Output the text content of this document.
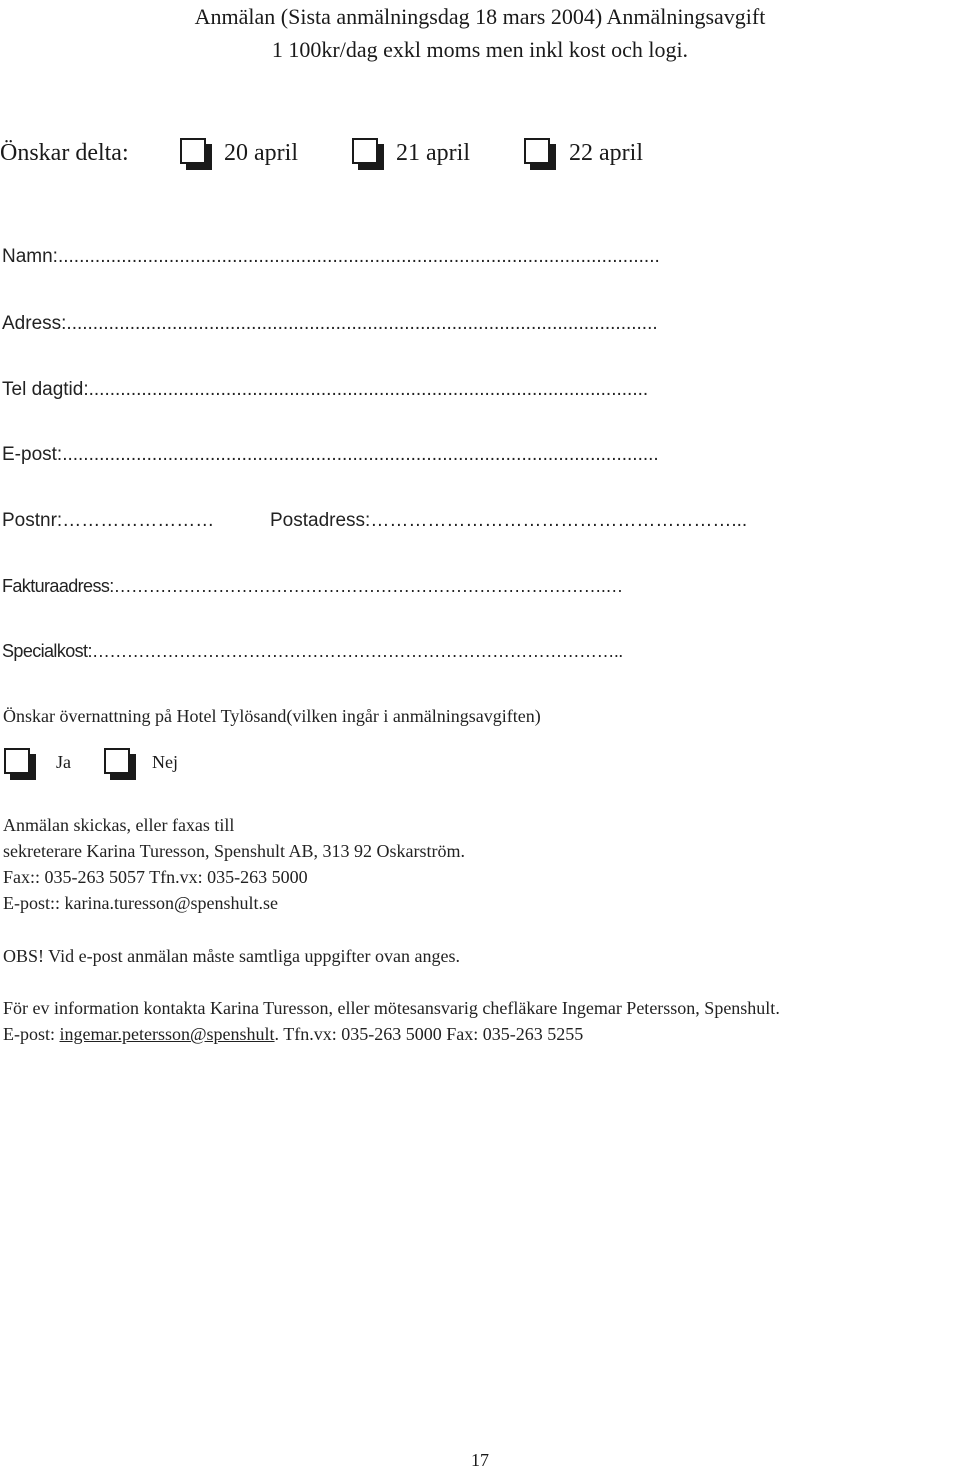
Anmälan (Sista anmälningsdag 18 mars 2004) Anmälningsavgift
1 100kr/dag exkl moms men inkl kost och logi.
Önskar delta:	20 april	21 april	22 april
Namn:..................................................................................................................
Adress:................................................................................................................
Tel dagtid:..........................................................................................................
E-post:.................................................................................................................
Postnr:……………………	Postadress:…………………………………………………...
Fakturaadress:………………………………………………………………………….…
Specialkost:………………………………………………………………………………..
Önskar övernattning på Hotel Tylösand(vilken ingår i anmälningsavgiften)
Ja	Nej
Anmälan skickas, eller faxas till
sekreterare Karina Turesson, Spenshult AB, 313 92 Oskarström.
Fax:: 035-263 5057 Tfn.vx: 035-263 5000
E-post:: karina.turesson@spenshult.se
OBS! Vid e-post anmälan måste samtliga uppgifter ovan anges.
För ev information kontakta Karina Turesson, eller mötesansvarig chefläkare Ingemar Petersson, Spenshult.
E-post: ingemar.petersson@spenshult. Tfn.vx: 035-263 5000 Fax: 035-263 5255
17
